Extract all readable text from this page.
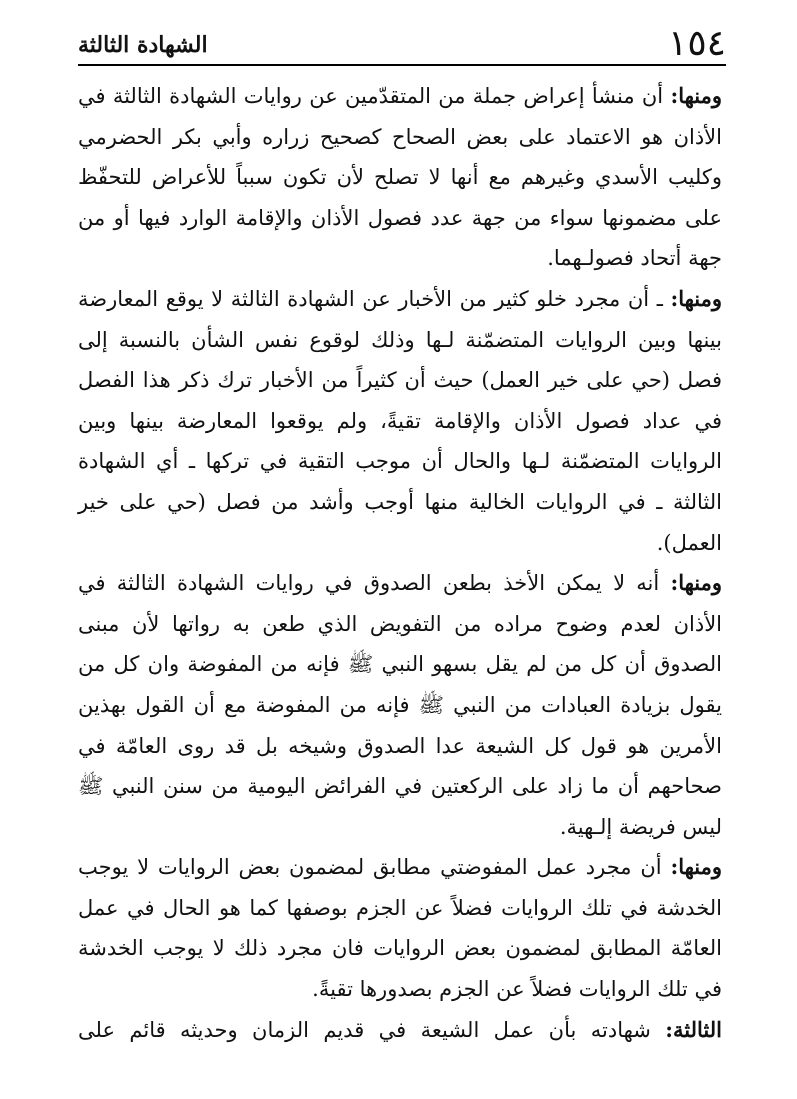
١٥٤
الشهادة الثالثة

ومنها: أن منشأ إعراض جملة من المتقدّمين عن روايات الشهادة الثالثة في الأذان هو الاعتماد على بعض الصحاح كصحيح زراره وأبي بكر الحضرمي وكليب الأسدي وغيرهم مع أنها لا تصلح لأن تكون سبباً للأعراض للتحفّظ على مضمونها سواء من جهة عدد فصول الأذان والإقامة الوارد فيها أو من جهة أتحاد فصولـهما.

ومنها: ـ أن مجرد خلو كثير من الأخبار عن الشهادة الثالثة لا يوقع المعارضة بينها وبين الروايات المتضمّنة لـها وذلك لوقوع نفس الشأن بالنسبة إلى فصل (حي على خير العمل) حيث أن كثيراً من الأخبار ترك ذكر هذا الفصل في عداد فصول الأذان والإقامة تقيةً، ولم يوقعوا المعارضة بينها وبين الروايات المتضمّنة لـها والحال أن موجب التقية في تركها ـ أي الشهادة الثالثة ـ في الروايات الخالية منها أوجب وأشد من فصل (حي على خير العمل).

ومنها: أنه لا يمكن الأخذ بطعن الصدوق في روايات الشهادة الثالثة في الأذان لعدم وضوح مراده من التفويض الذي طعن به رواتها لأن مبنى الصدوق أن كل من لم يقل بسهو النبي ﷺ فإنه من المفوضة وان كل من يقول بزيادة العبادات من النبي ﷺ فإنه من المفوضة مع أن القول بهذين الأمرين هو قول كل الشيعة عدا الصدوق وشيخه بل قد روى العامّة في صحاحهم أن ما زاد على الركعتين في الفرائض اليومية من سنن النبي ﷺ ليس فريضة إلـهية.

ومنها: أن مجرد عمل المفوضتي مطابق لمضمون بعض الروايات لا يوجب الخدشة في تلك الروايات فضلاً عن الجزم بوصفها كما هو الحال في عمل العامّة المطابق لمضمون بعض الروايات فان مجرد ذلك لا يوجب الخدشة في تلك الروايات فضلاً عن الجزم بصدورها تقيةً.

الثالثة: شهادته بأن عمل الشيعة في قديم الزمان وحديثه قائم على
